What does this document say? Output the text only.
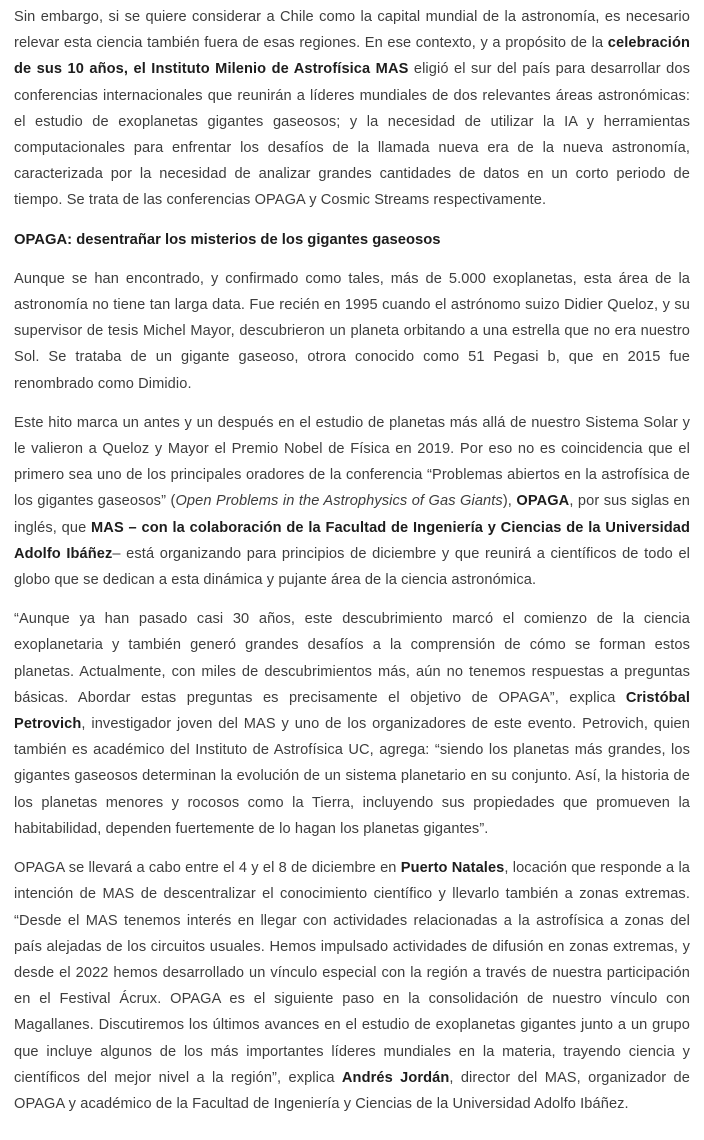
Sin embargo, si se quiere considerar a Chile como la capital mundial de la astronomía, es necesario relevar esta ciencia también fuera de esas regiones. En ese contexto, y a propósito de la celebración de sus 10 años, el Instituto Milenio de Astrofísica MAS eligió el sur del país para desarrollar dos conferencias internacionales que reunirán a líderes mundiales de dos relevantes áreas astronómicas: el estudio de exoplanetas gigantes gaseosos; y la necesidad de utilizar la IA y herramientas computacionales para enfrentar los desafíos de la llamada nueva era de la nueva astronomía, caracterizada por la necesidad de analizar grandes cantidades de datos en un corto periodo de tiempo. Se trata de las conferencias OPAGA y Cosmic Streams respectivamente.

OPAGA: desentrañar los misterios de los gigantes gaseosos

Aunque se han encontrado, y confirmado como tales, más de 5.000 exoplanetas, esta área de la astronomía no tiene tan larga data. Fue recién en 1995 cuando el astrónomo suizo Didier Queloz, y su supervisor de tesis Michel Mayor, descubrieron un planeta orbitando a una estrella que no era nuestro Sol. Se trataba de un gigante gaseoso, otrora conocido como 51 Pegasi b, que en 2015 fue renombrado como Dimidio.

Este hito marca un antes y un después en el estudio de planetas más allá de nuestro Sistema Solar y le valieron a Queloz y Mayor el Premio Nobel de Física en 2019. Por eso no es coincidencia que el primero sea uno de los principales oradores de la conferencia “Problemas abiertos en la astrofísica de los gigantes gaseosos” (Open Problems in the Astrophysics of Gas Giants), OPAGA, por sus siglas en inglés, que MAS – con la colaboración de la Facultad de Ingeniería y Ciencias de la Universidad Adolfo Ibáñez– está organizando para principios de diciembre y que reunirá a científicos de todo el globo que se dedican a esta dinámica y pujante área de la ciencia astronómica.

“Aunque ya han pasado casi 30 años, este descubrimiento marcó el comienzo de la ciencia exoplanetaria y también generó grandes desafíos a la comprensión de cómo se forman estos planetas. Actualmente, con miles de descubrimientos más, aún no tenemos respuestas a preguntas básicas. Abordar estas preguntas es precisamente el objetivo de OPAGA”, explica Cristóbal Petrovich, investigador joven del MAS y uno de los organizadores de este evento. Petrovich, quien también es académico del Instituto de Astrofísica UC, agrega: “siendo los planetas más grandes, los gigantes gaseosos determinan la evolución de un sistema planetario en su conjunto. Así, la historia de los planetas menores y rocosos como la Tierra, incluyendo sus propiedades que promueven la habitabilidad, dependen fuertemente de lo hagan los planetas gigantes”.

OPAGA se llevará a cabo entre el 4 y el 8 de diciembre en Puerto Natales, locación que responde a la intención de MAS de descentralizar el conocimiento científico y llevarlo también a zonas extremas. “Desde el MAS tenemos interés en llegar con actividades relacionadas a la astrofísica a zonas del país alejadas de los circuitos usuales. Hemos impulsado actividades de difusión en zonas extremas, y desde el 2022 hemos desarrollado un vínculo especial con la región a través de nuestra participación en el Festival Ácrux. OPAGA es el siguiente paso en la consolidación de nuestro vínculo con Magallanes. Discutiremos los últimos avances en el estudio de exoplanetas gigantes junto a un grupo que incluye algunos de los más importantes líderes mundiales en la materia, trayendo ciencia y científicos del mejor nivel a la región”, explica Andrés Jordán, director del MAS, organizador de OPAGA y académico de la Facultad de Ingeniería y Ciencias de la Universidad Adolfo Ibáñez.
